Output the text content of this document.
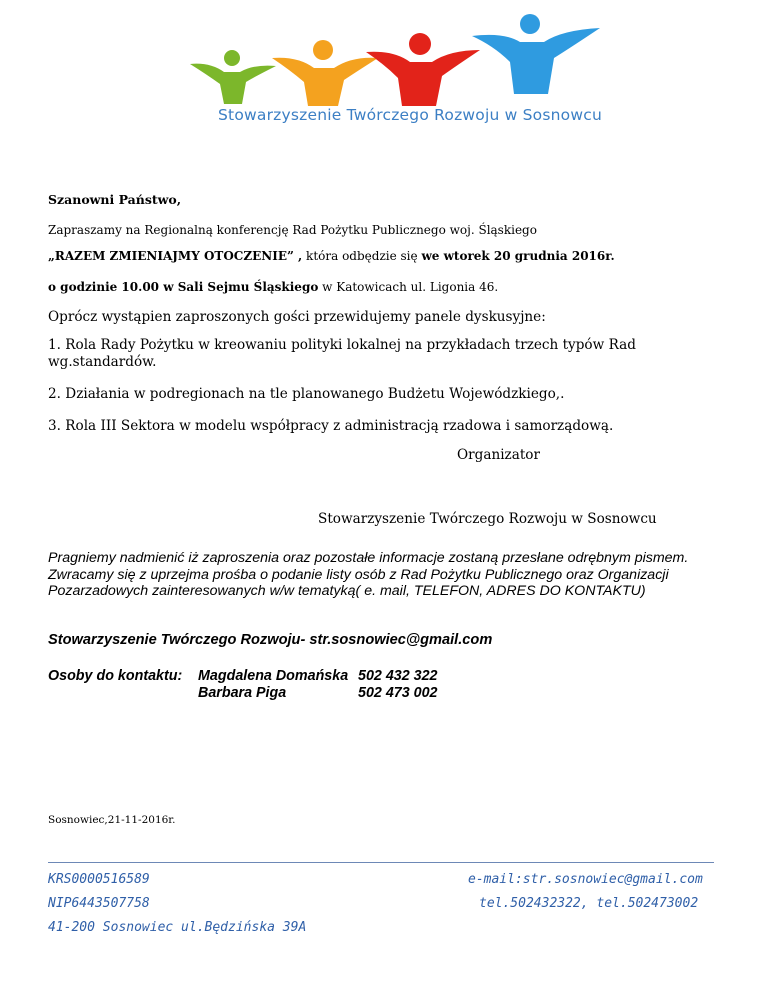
Stowarzyszenie Twórczego Rozwoju w Sosnowcu
Szanowni Państwo,
Zapraszamy na Regionalną konferencję Rad Pożytku Publicznego woj. Śląskiego
„RAZEM ZMIENIAJMY OTOCZENIE” , która odbędzie się we wtorek 20 grudnia 2016r.
o godzinie 10.00 w Sali Sejmu Śląskiego w Katowicach ul. Ligonia 46.
Oprócz wystąpien zaproszonych gości przewidujemy panele dyskusyjne:
1. Rola Rady Pożytku w kreowaniu polityki lokalnej na przykładach trzech typów Rad
wg.standardów.
2. Działania w podregionach na tle planowanego Budżetu Wojewódzkiego,.
3. Rola III Sektora w modelu współpracy z administracją rzadowa i samorządową.
Organizator
Stowarzyszenie Twórczego Rozwoju w Sosnowcu
Pragniemy nadmienić iż zaproszenia oraz pozostałe informacje zostaną przesłane odrębnym pismem. Zwracamy się z uprzejma prośba o podanie listy osób z Rad Pożytku Publicznego oraz Organizacji Pozarzadowych zainteresowanych w/w tematyką( e. mail, TELEFON, ADRES DO KONTAKTU)
Stowarzyszenie Twórczego Rozwoju- str.sosnowiec@gmail.com
Osoby do kontaktu: Magdalena Domańska 502 432 322
Barbara Piga	502 473 002
Sosnowiec,21-11-2016r.
KRS0000516589
NIP6443507758
41-200 Sosnowiec ul.Będzińska 39A
e-mail:str.sosnowiec@gmail.com
tel.502432322, tel.502473002
